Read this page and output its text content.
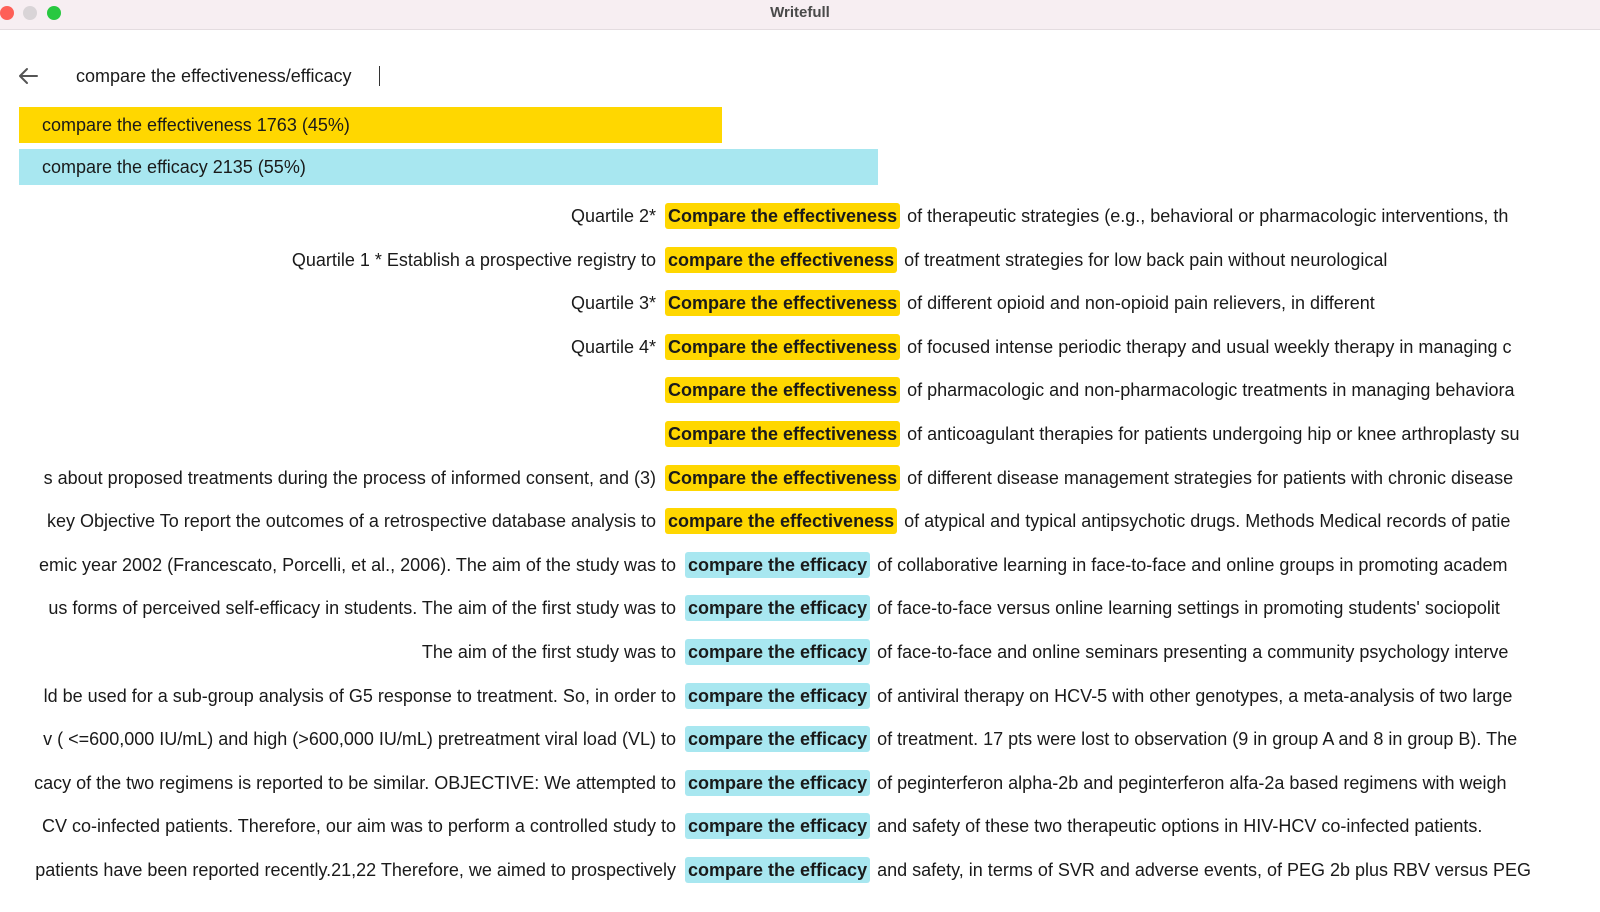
Writefull
compare the effectiveness/efficacy
compare the effectiveness 1763 (45%)
compare the efficacy 2135 (55%)
Quartile 2* Compare the effectiveness of therapeutic strategies (e.g., behavioral or pharmacologic interventions, th
Quartile 1 * Establish a prospective registry to compare the effectiveness of treatment strategies for low back pain without neurological
Quartile 3* Compare the effectiveness of different opioid and non-opioid pain relievers, in different
Quartile 4* Compare the effectiveness of focused intense periodic therapy and usual weekly therapy in managing c
Compare the effectiveness of pharmacologic and non-pharmacologic treatments in managing behaviora
Compare the effectiveness of anticoagulant therapies for patients undergoing hip or knee arthroplasty su
s about proposed treatments during the process of informed consent, and (3) Compare the effectiveness of different disease management strategies for patients with chronic disease
key Objective To report the outcomes of a retrospective database analysis to compare the effectiveness of atypical and typical antipsychotic drugs. Methods Medical records of patie
emic year 2002 (Francescato, Porcelli, et al., 2006). The aim of the study was to compare the efficacy of collaborative learning in face-to-face and online groups in promoting academ
us forms of perceived self-efficacy in students. The aim of the first study was to compare the efficacy of face-to-face versus online learning settings in promoting students' sociopolit
The aim of the first study was to compare the efficacy of face-to-face and online seminars presenting a community psychology interve
ld be used for a sub-group analysis of G5 response to treatment. So, in order to compare the efficacy of antiviral therapy on HCV-5 with other genotypes, a meta-analysis of two large
v ( <=600,000 IU/mL) and high (>600,000 IU/mL) pretreatment viral load (VL) to compare the efficacy of treatment. 17 pts were lost to observation (9 in group A and 8 in group B). The
cacy of the two regimens is reported to be similar. OBJECTIVE: We attempted to compare the efficacy of peginterferon alpha-2b and peginterferon alfa-2a based regimens with weigh
CV co-infected patients. Therefore, our aim was to perform a controlled study to compare the efficacy and safety of these two therapeutic options in HIV-HCV co-infected patients.
patients have been reported recently.21,22 Therefore, we aimed to prospectively compare the efficacy and safety, in terms of SVR and adverse events, of PEG 2b plus RBV versus PEG
